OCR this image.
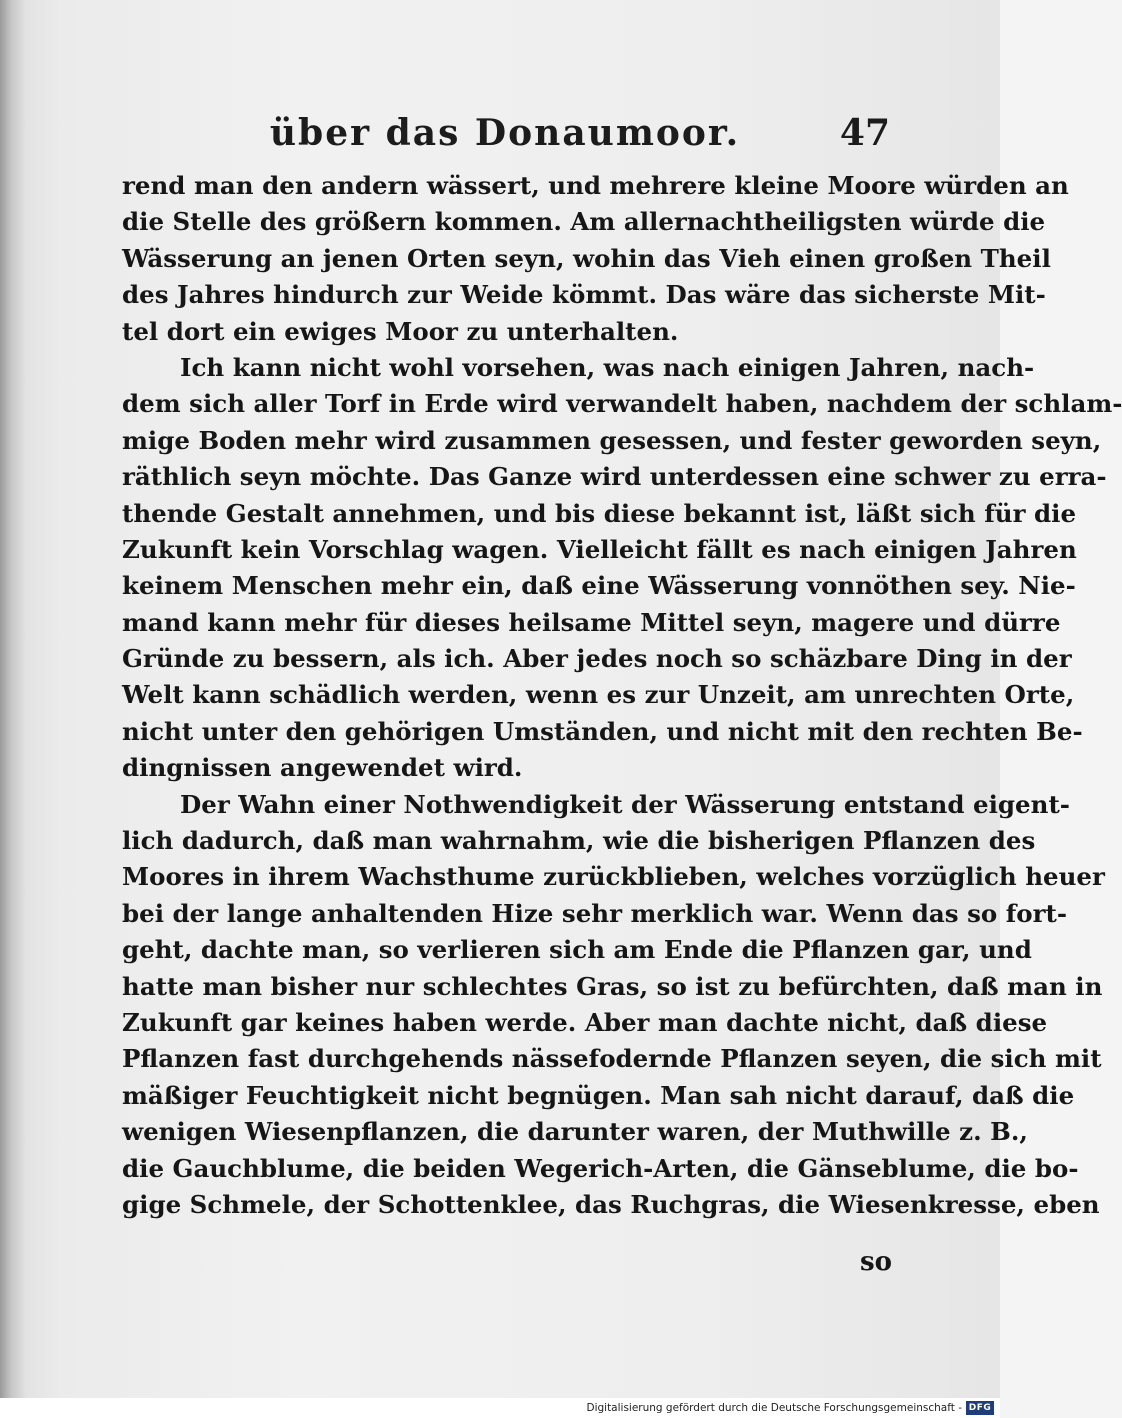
über das Donaumoor.	47
rend man den andern wässert, und mehrere kleine Moore würden an
die Stelle des größern kommen. Am allernachtheiligsten würde die
Wässerung an jenen Orten seyn, wohin das Vieh einen großen Theil
des Jahres hindurch zur Weide kömmt. Das wäre das sicherste Mit-
tel dort ein ewiges Moor zu unterhalten.
Ich kann nicht wohl vorsehen, was nach einigen Jahren, nach-
dem sich aller Torf in Erde wird verwandelt haben, nachdem der schlam-
mige Boden mehr wird zusammen gesessen, und fester geworden seyn,
räthlich seyn möchte. Das Ganze wird unterdessen eine schwer zu erra-
thende Gestalt annehmen, und bis diese bekannt ist, läßt sich für die
Zukunft kein Vorschlag wagen. Vielleicht fällt es nach einigen Jahren
keinem Menschen mehr ein, daß eine Wässerung vonnöthen sey. Nie-
mand kann mehr für dieses heilsame Mittel seyn, magere und dürre
Gründe zu bessern, als ich. Aber jedes noch so schäzbare Ding in der
Welt kann schädlich werden, wenn es zur Unzeit, am unrechten Orte,
nicht unter den gehörigen Umständen, und nicht mit den rechten Be-
dingnissen angewendet wird.
Der Wahn einer Nothwendigkeit der Wässerung entstand eigent-
lich dadurch, daß man wahrnahm, wie die bisherigen Pflanzen des
Moores in ihrem Wachsthume zurückblieben, welches vorzüglich heuer
bei der lange anhaltenden Hize sehr merklich war. Wenn das so fort-
geht, dachte man, so verlieren sich am Ende die Pflanzen gar, und
hatte man bisher nur schlechtes Gras, so ist zu befürchten, daß man in
Zukunft gar keines haben werde. Aber man dachte nicht, daß diese
Pflanzen fast durchgehends nässefodernde Pflanzen seyen, die sich mit
mäßiger Feuchtigkeit nicht begnügen. Man sah nicht darauf, daß die
wenigen Wiesenpflanzen, die darunter waren, der Muthwille z. B.,
die Gauchblume, die beiden Wegerich-Arten, die Gänseblume, die bo-
gige Schmele, der Schottenklee, das Ruchgras, die Wiesenkresse, eben
so
Digitalisierung gefördert durch die Deutsche Forschungsgemeinschaft - DFG
